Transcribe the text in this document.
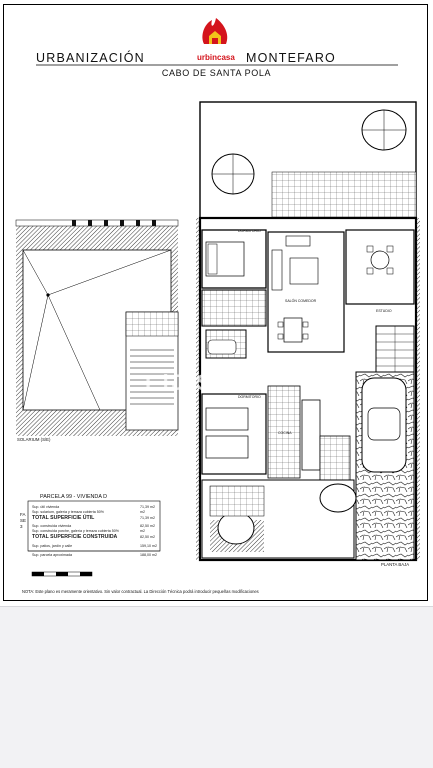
URBANIZACIÓN	urbincasa MONTEFARO
CABO DE SANTA POLA
DORMITORIO
SALÓN COMEDOR
ESTUDIO
COCINA
DORMITORIO
SOLARIUM (S/E)
PARCELA 99 - VIVIENDA D
PLANTA BAJA
FASE 3
Sup. útil vivienda	71,39 m2
Sup. solarium, galería y terraza cubierta 50%	m2
TOTAL SUPERFICIE ÚTIL	71,39 m2
Sup. construida vivienda	82,50 m2
Sup. construida porche, galería y terraza cubierta 50%	m2
TOTAL SUPERFICIE CONSTRUIDA	82,50 m2
Sup. patios, jardín y calle	159,10 m2
Sup. parcela aproximada	188,00 m2
NOTA: Este plano es meramente orientativo. Sin valor contractual. La Dirección Técnica podrá introducir pequeñas modificaciones
ElJ.SeSa
